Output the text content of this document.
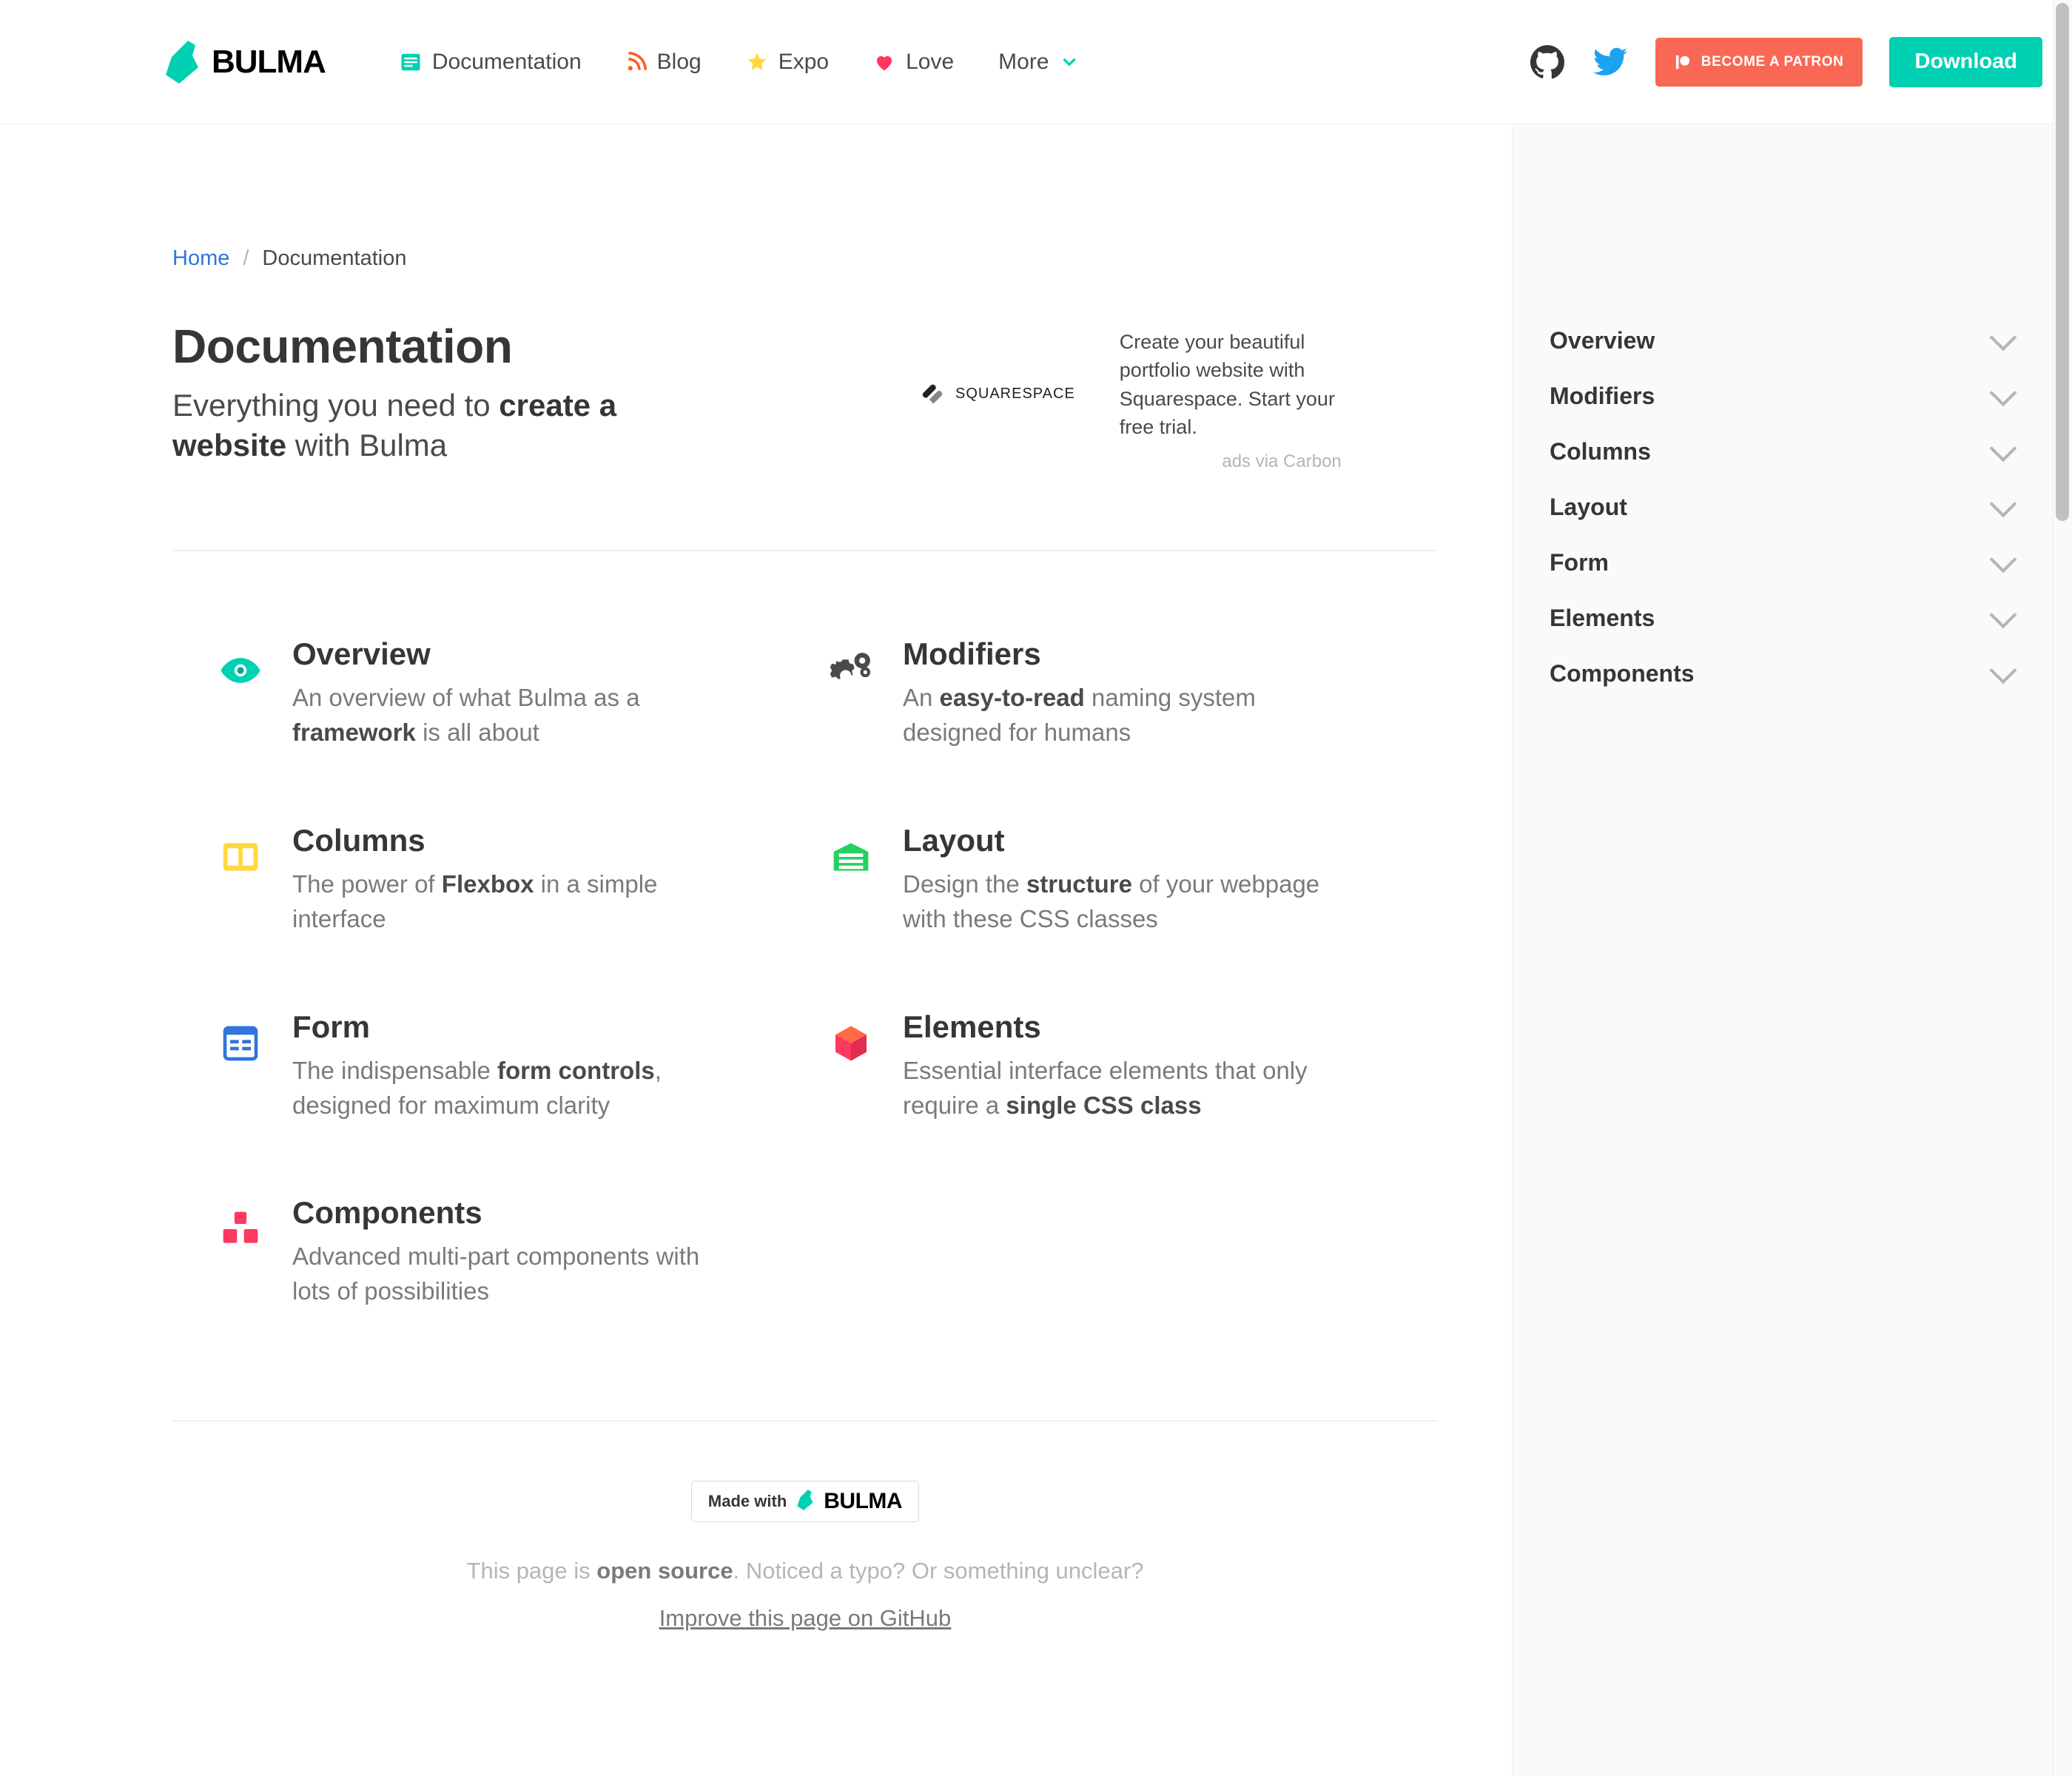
BULMA	Documentation	Blog	Expo	Love More	BECOME A PATRON	Download
Home / Documentation
Documentation
Everything you need to create a website with Bulma
SQUARESPACE
Create your beautiful portfolio website with Squarespace. Start your free trial.
ads via Carbon
Overview
An overview of what Bulma as a framework is all about
Modifiers
An easy-to-read naming system designed for humans
Columns
The power of Flexbox in a simple interface
Layout
Design the structure of your webpage with these CSS classes
Form
The indispensable form controls, designed for maximum clarity
Elements
Essential interface elements that only require a single CSS class
Components
Advanced multi-part components with lots of possibilities
Made with BULMA
This page is open source. Noticed a typo? Or something unclear?
Improve this page on GitHub
Overview
Modifiers
Columns
Layout
Form
Elements
Components
